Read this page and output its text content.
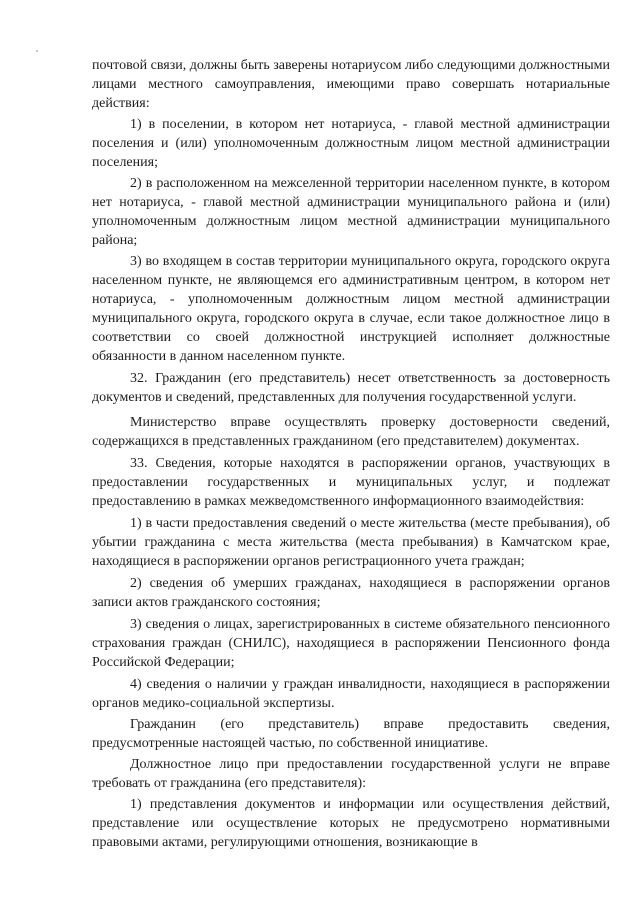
почтовой связи, должны быть заверены нотариусом либо следующими должностными лицами местного самоуправления, имеющими право совершать нотариальные действия:

1) в поселении, в котором нет нотариуса, - главой местной администрации поселения и (или) уполномоченным должностным лицом местной администрации поселения;

2) в расположенном на межселенной территории населенном пункте, в котором нет нотариуса, - главой местной администрации муниципального района и (или) уполномоченным должностным лицом местной администрации муниципального района;

3) во входящем в состав территории муниципального округа, городского округа населенном пункте, не являющемся его административным центром, в котором нет нотариуса, - уполномоченным должностным лицом местной администрации муниципального округа, городского округа в случае, если такое должностное лицо в соответствии со своей должностной инструкцией исполняет должностные обязанности в данном населенном пункте.

32. Гражданин (его представитель) несет ответственность за достоверность документов и сведений, представленных для получения государственной услуги.

Министерство вправе осуществлять проверку достоверности сведений, содержащихся в представленных гражданином (его представителем) документах.

33. Сведения, которые находятся в распоряжении органов, участвующих в предоставлении государственных и муниципальных услуг, и подлежат предоставлению в рамках межведомственного информационного взаимодействия:

1) в части предоставления сведений о месте жительства (месте пребывания), об убытии гражданина с места жительства (места пребывания) в Камчатском крае, находящиеся в распоряжении органов регистрационного учета граждан;

2) сведения об умерших гражданах, находящиеся в распоряжении органов записи актов гражданского состояния;

3) сведения о лицах, зарегистрированных в системе обязательного пенсионного страхования граждан (СНИЛС), находящиеся в распоряжении Пенсионного фонда Российской Федерации;

4) сведения о наличии у граждан инвалидности, находящиеся в распоряжении органов медико-социальной экспертизы.

Гражданин (его представитель) вправе предоставить сведения, предусмотренные настоящей частью, по собственной инициативе.

Должностное лицо при предоставлении государственной услуги не вправе требовать от гражданина (его представителя):

1) представления документов и информации или осуществления действий, представление или осуществление которых не предусмотрено нормативными правовыми актами, регулирующими отношения, возникающие в
